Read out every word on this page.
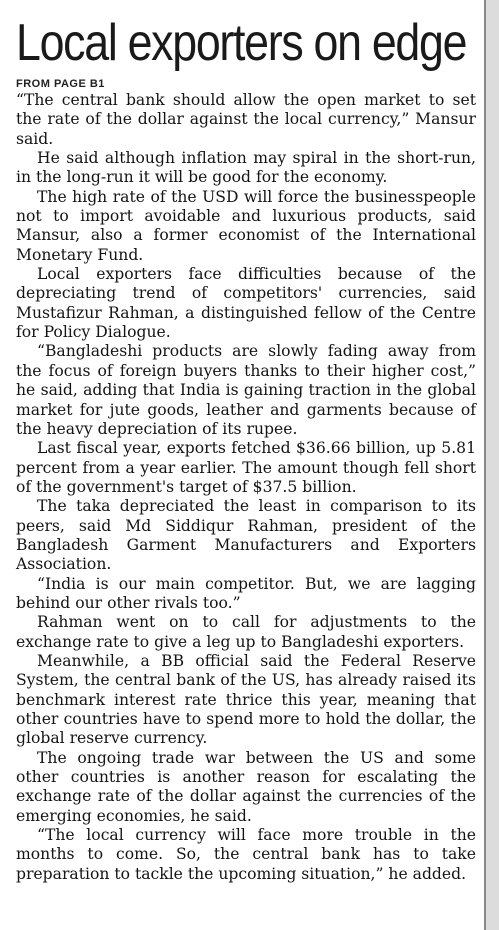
Local exporters on edge
FROM PAGE B1

“The central bank should allow the open market to set the rate of the dollar against the local currency,” Mansur said.

He said although inflation may spiral in the short-run, in the long-run it will be good for the economy.

The high rate of the USD will force the businesspeople not to import avoidable and luxurious products, said Mansur, also a former economist of the International Monetary Fund.

Local exporters face difficulties because of the depreciating trend of competitors' currencies, said Mustafizur Rahman, a distinguished fellow of the Centre for Policy Dialogue.

“Bangladeshi products are slowly fading away from the focus of foreign buyers thanks to their higher cost,” he said, adding that India is gaining traction in the global market for jute goods, leather and garments because of the heavy depreciation of its rupee.

Last fiscal year, exports fetched $36.66 billion, up 5.81 percent from a year earlier. The amount though fell short of the government's target of $37.5 billion.

The taka depreciated the least in comparison to its peers, said Md Siddiqur Rahman, president of the Bangladesh Garment Manufacturers and Exporters Association.

“India is our main competitor. But, we are lagging behind our other rivals too.”

Rahman went on to call for adjustments to the exchange rate to give a leg up to Bangladeshi exporters.

Meanwhile, a BB official said the Federal Reserve System, the central bank of the US, has already raised its benchmark interest rate thrice this year, meaning that other countries have to spend more to hold the dollar, the global reserve currency.

The ongoing trade war between the US and some other countries is another reason for escalating the exchange rate of the dollar against the currencies of the emerging economies, he said.

“The local currency will face more trouble in the months to come. So, the central bank has to take preparation to tackle the upcoming situation,” he added.
